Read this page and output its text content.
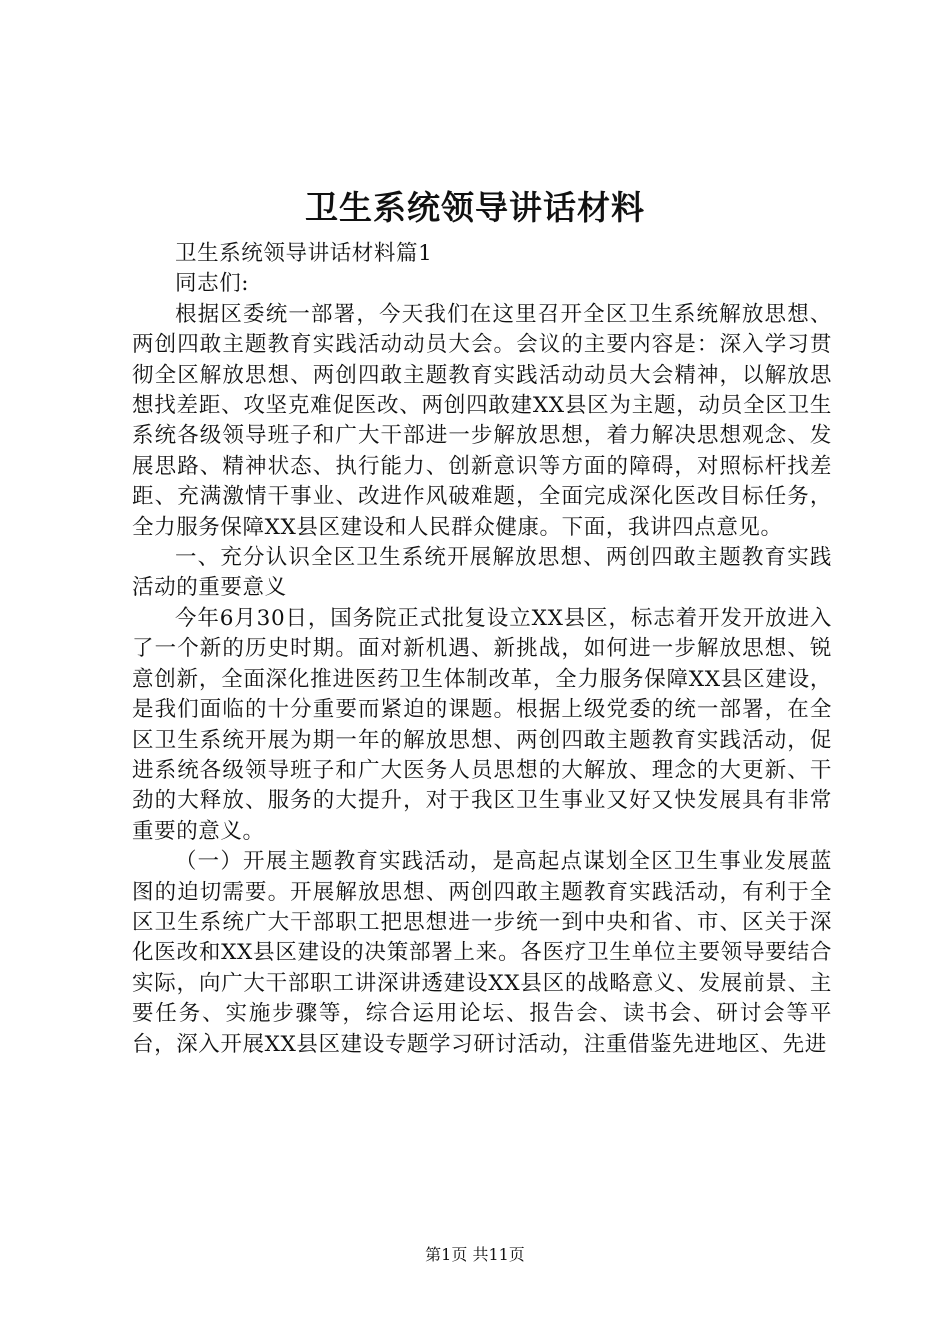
卫生系统领导讲话材料

卫生系统领导讲话材料篇1

同志们:

根据区委统一部署，今天我们在这里召开全区卫生系统解放思想、两创四敢主题教育实践活动动员大会。会议的主要内容是：深入学习贯彻全区解放思想、两创四敢主题教育实践活动动员大会精神，以解放思想找差距、攻坚克难促医改、两创四敢建XX县区为主题，动员全区卫生系统各级领导班子和广大干部进一步解放思想，着力解决思想观念、发展思路、精神状态、执行能力、创新意识等方面的障碍，对照标杆找差距、充满激情干事业、改进作风破难题，全面完成深化医改目标任务，全力服务保障XX县区建设和人民群众健康。下面，我讲四点意见。

一、充分认识全区卫生系统开展解放思想、两创四敢主题教育实践活动的重要意义

今年6月30日，国务院正式批复设立XX县区，标志着开发开放进入了一个新的历史时期。面对新机遇、新挑战，如何进一步解放思想、锐意创新，全面深化推进医药卫生体制改革，全力服务保障XX县区建设，是我们面临的十分重要而紧迫的课题。根据上级党委的统一部署，在全区卫生系统开展为期一年的解放思想、两创四敢主题教育实践活动，促进系统各级领导班子和广大医务人员思想的大解放、理念的大更新、干劲的大释放、服务的大提升，对于我区卫生事业又好又快发展具有非常重要的意义。

（一）开展主题教育实践活动，是高起点谋划全区卫生事业发展蓝图的迫切需要。开展解放思想、两创四敢主题教育实践活动，有利于全区卫生系统广大干部职工把思想进一步统一到中央和省、市、区关于深化医改和XX县区建设的决策部署上来。各医疗卫生单位主要领导要结合实际，向广大干部职工讲深讲透建设XX县区的战略意义、发展前景、主要任务、实施步骤等，综合运用论坛、报告会、读书会、研讨会等平台，深入开展XX县区建设专题学习研讨活动，注重借鉴先进地区、先进

第1页 共11页
